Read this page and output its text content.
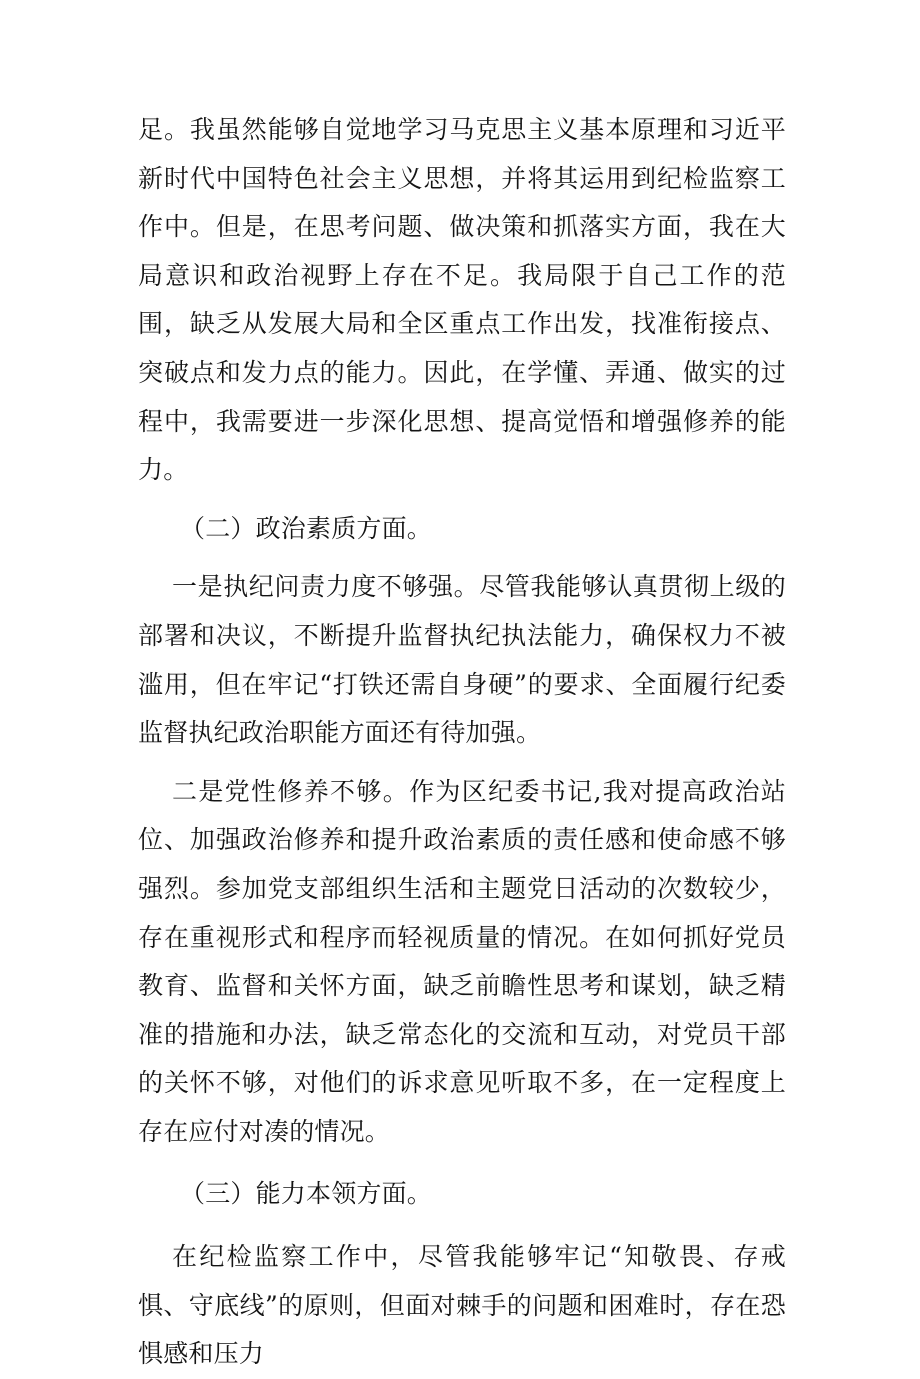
足。我虽然能够自觉地学习马克思主义基本原理和习近平新时代中国特色社会主义思想，并将其运用到纪检监察工作中。但是，在思考问题、做决策和抓落实方面，我在大局意识和政治视野上存在不足。我局限于自己工作的范围，缺乏从发展大局和全区重点工作出发，找准衔接点、突破点和发力点的能力。因此，在学懂、弄通、做实的过程中，我需要进一步深化思想、提高觉悟和增强修养的能力。

（二）政治素质方面。

一是执纪问责力度不够强。尽管我能够认真贯彻上级的部署和决议，不断提升监督执纪执法能力，确保权力不被滥用，但在牢记“打铁还需自身硬”的要求、全面履行纪委监督执纪政治职能方面还有待加强。

二是党性修养不够。作为区纪委书记,我对提高政治站位、加强政治修养和提升政治素质的责任感和使命感不够强烈。参加党支部组织生活和主题党日活动的次数较少，存在重视形式和程序而轻视质量的情况。在如何抓好党员教育、监督和关怀方面，缺乏前瞻性思考和谋划，缺乏精准的措施和办法，缺乏常态化的交流和互动，对党员干部的关怀不够，对他们的诉求意见听取不多，在一定程度上存在应付对凑的情况。

（三）能力本领方面。

在纪检监察工作中，尽管我能够牢记“知敬畏、存戒惧、守底线”的原则，但面对棘手的问题和困难时，存在恐惧感和压力
